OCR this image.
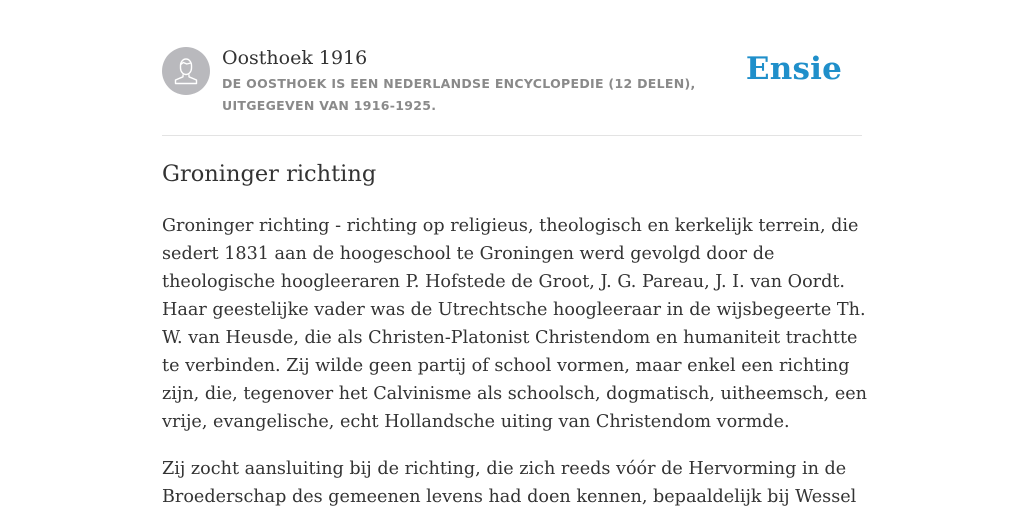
Oosthoek 1916
DE OOSTHOEK IS EEN NEDERLANDSE ENCYCLOPEDIE (12 DELEN), UITGEGEVEN VAN 1916-1925.
Ensie
Groninger richting

Groninger richting - richting op religieus, theologisch en kerkelijk terrein, die sedert 1831 aan de hoogeschool te Groningen werd gevolgd door de theologische hoogleeraren P. Hofstede de Groot, J. G. Pareau, J. I. van Oordt. Haar geestelijke vader was de Utrechtsche hoogleeraar in de wijsbegeerte Th. W. van Heusde, die als Christen-Platonist Christendom en humaniteit trachtte te verbinden. Zij wilde geen partij of school vormen, maar enkel een richting zijn, die, tegenover het Calvinisme als schoolsch, dogmatisch, uitheemsch, een vrije, evangelische, echt Hollandsche uiting van Christendom vormde.

Zij zocht aansluiting bij de richting, die zich reeds vóór de Hervorming in de Broederschap des gemeenen levens had doen kennen, bepaaldelijk bij Wessel
